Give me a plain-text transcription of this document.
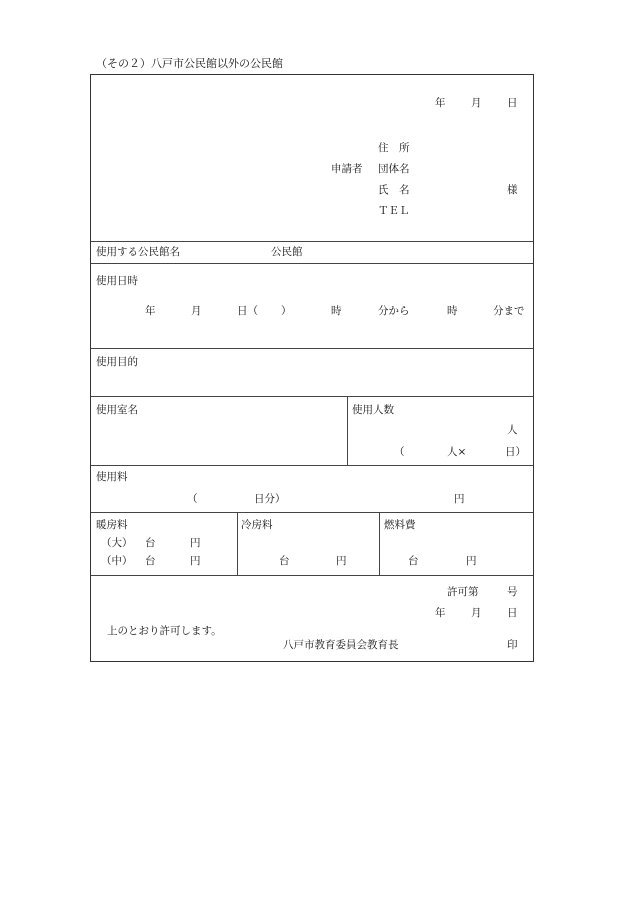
（その２）八戸市公民館以外の公民館
年 月 日
住　所
申請者 団体名
氏　名	様
ＴＥＬ
使用する公民館名	公民館
使用日時
年	月	日（ ）	時	分から	時	分まで
使用目的
使用室名	使用人数
人
（	人×	日）
使用料
（	日分）	円
暖房料
（大） 台	円
（中） 台	円
冷房料
台	円
燃料費
台	円
許可第	号
年 月 日
上のとおり許可します。
八戸市教育委員会教育長	印
